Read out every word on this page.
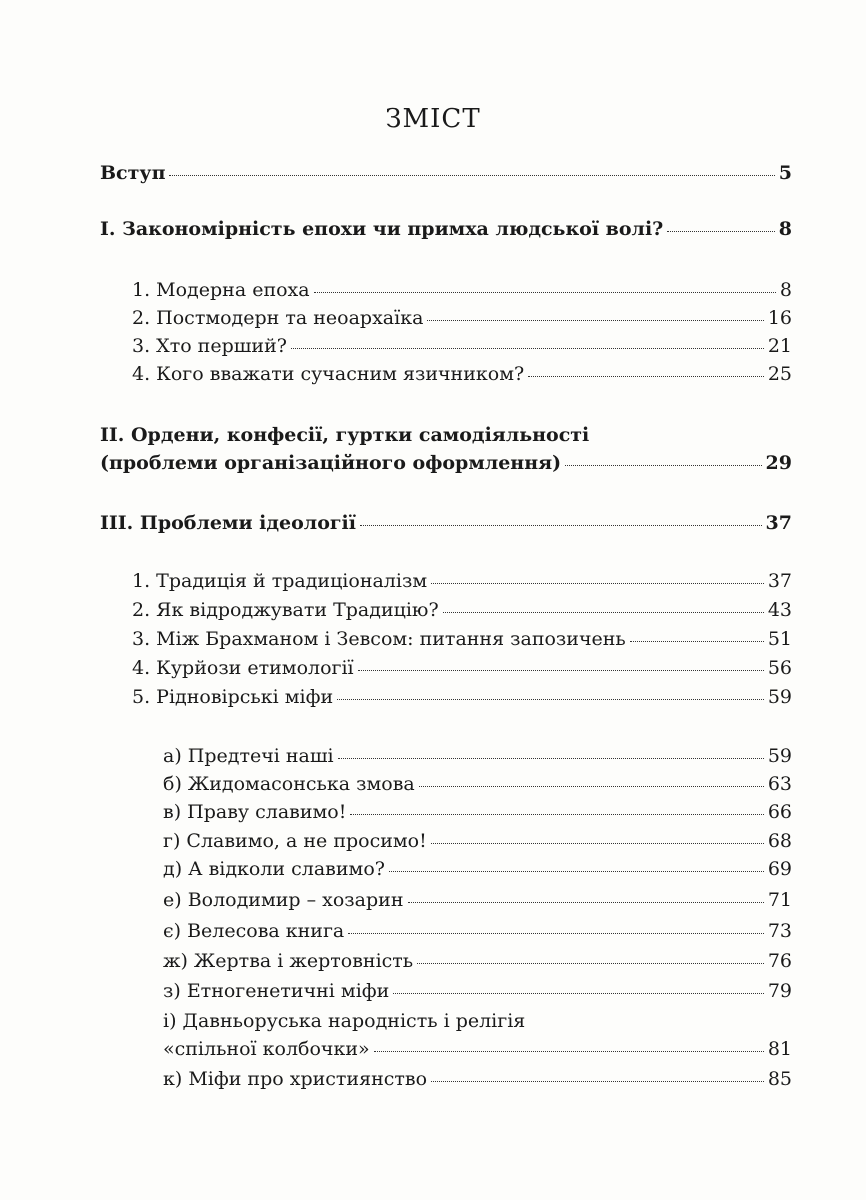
ЗМІСТ
Вступ	5
I. Закономірність епохи чи примха людської волі?	8
1. Модерна епоха	8
2. Постмодерн та неоархаїка	16
3. Хто перший?	21
4. Кого вважати сучасним язичником?	25
II. Ордени, конфесії, гуртки самодіяльності
(проблеми організаційного оформлення)	29
III. Проблеми ідеології	37
1. Традиція й традиціоналізм	37
2. Як відроджувати Традицію?	43
3. Між Брахманом і Зевсом: питання запозичень	51
4. Курйози етимології	56
5. Рідновірські міфи	59
а) Предтечі наші	59
б) Жидомасонська змова	63
в) Праву славимо!	66
г) Славимо, а не просимо!	68
д) А відколи славимо?	69
е) Володимир – хозарин	71
є) Велесова книга	73
ж) Жертва і жертовність	76
з) Етногенетичні міфи	79
і) Давньоруська народність і релігія
«спільної колбочки»	81
к) Міфи про християнство	85
